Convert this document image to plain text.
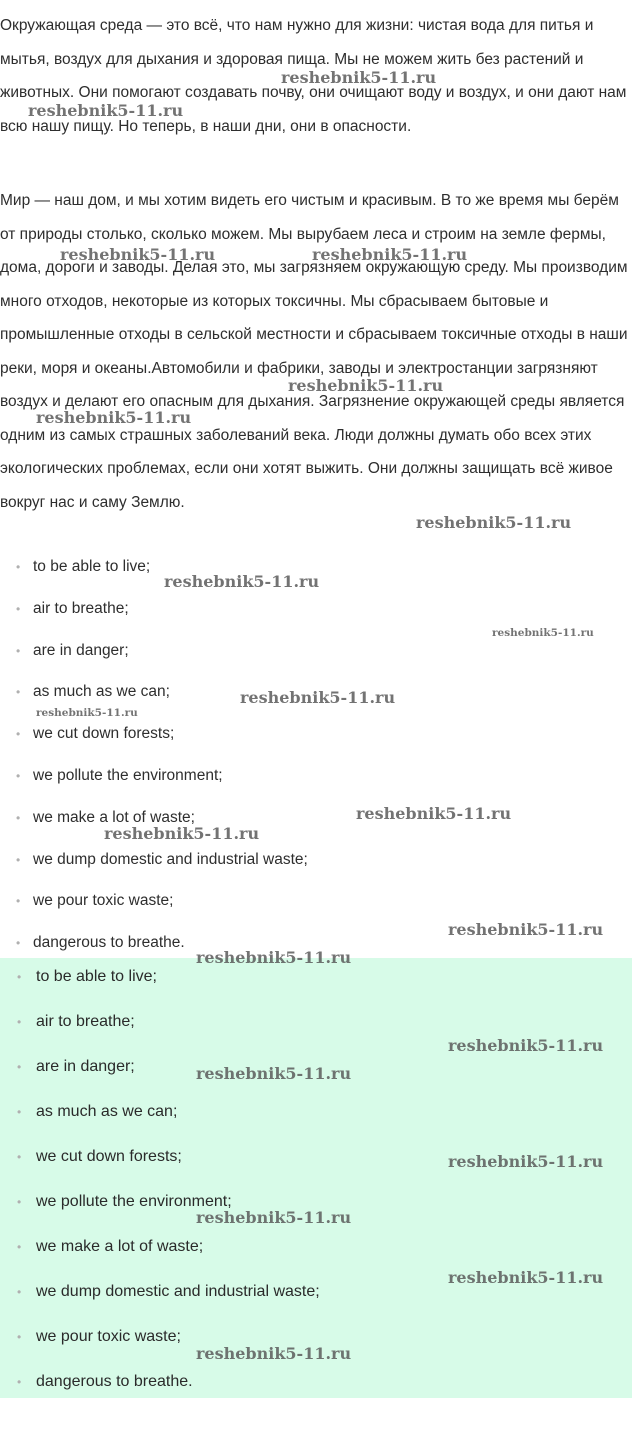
Окружающая среда — это всё, что нам нужно для жизни: чистая вода для питья и мытья, воздух для дыхания и здоровая пища. Мы не можем жить без растений и животных. Они помогают создавать почву, они очищают воду и воздух, и они дают нам всю нашу пищу. Но теперь, в наши дни, они в опасности.

Мир — наш дом, и мы хотим видеть его чистым и красивым. В то же время мы берём от природы столько, сколько можем. Мы вырубаем леса и строим на земле фермы, дома, дороги и заводы. Делая это, мы загрязняем окружающую среду. Мы производим много отходов, некоторые из которых токсичны. Мы сбрасываем бытовые и промышленные отходы в сельской местности и сбрасываем токсичные отходы в наши реки, моря и океаны.Автомобили и фабрики, заводы и электростанции загрязняют воздух и делают его опасным для дыхания. Загрязнение окружающей среды является одним из самых страшных заболеваний века. Люди должны думать обо всех этих экологических проблемах, если они хотят выжить. Они должны защищать всё живое вокруг нас и саму Землю.

• to be able to live;
• air to breathe;
• are in danger;
• as much as we can;
• we cut down forests;
• we pollute the environment;
• we make a lot of waste;
• we dump domestic and industrial waste;
• we pour toxic waste;
• dangerous to breathe.
• to be able to live;
• air to breathe;
• are in danger;
• as much as we can;
• we cut down forests;
• we pollute the environment;
• we make a lot of waste;
• we dump domestic and industrial waste;
• we pour toxic waste;
• dangerous to breathe.
reshebnik5-11.ru
reshebnik5-11.ru
reshebnik5-11.ru	reshebnik5-11.ru
reshebnik5-11.ru
reshebnik5-11.ru
reshebnik5-11.ru
reshebnik5-11.ru
reshebnik5-11.ru
reshebnik5-11.ru
reshebnik5-11.ru
reshebnik5-11.ru
reshebnik5-11.ru
reshebnik5-11.ru
reshebnik5-11.ru
reshebnik5-11.ru
reshebnik5-11.ru
reshebnik5-11.ru
reshebnik5-11.ru
reshebnik5-11.ru
reshebnik5-11.ru
